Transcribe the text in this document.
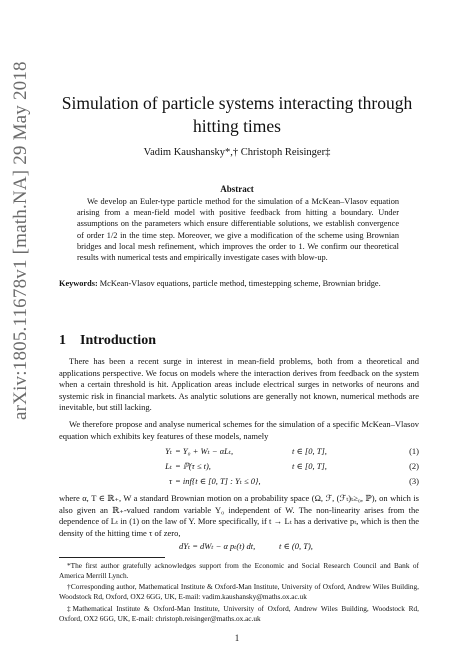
arXiv:1805.11678v1 [math.NA] 29 May 2018	Simulation of particle systems interacting through hitting times
Vadim Kaushansky*,† Christoph Reisinger‡
Abstract
We develop an Euler-type particle method for the simulation of a McKean–Vlasov equation arising from a mean-field model with positive feedback from hitting a boundary. Under assumptions on the parameters which ensure differentiable solutions, we establish convergence of order 1/2 in the time step. Moreover, we give a modification of the scheme using Brownian bridges and local mesh refinement, which improves the order to 1. We confirm our theoretical results with numerical tests and empirically investigate cases with blow-up.
Keywords: McKean-Vlasov equations, particle method, timestepping scheme, Brownian bridge.
1 Introduction
There has been a recent surge in interest in mean-field problems, both from a theoretical and applications perspective. We focus on models where the interaction derives from feedback on the system when a certain threshold is hit. Application areas include electrical surges in networks of neurons and systemic risk in financial markets. As analytic solutions are generally not known, numerical methods are inevitable, but still lacking.
We therefore propose and analyse numerical schemes for the simulation of a specific McKean–Vlasov equation which exhibits key features of these models, namely
Yₜ = Y₀ + Wₜ − αLₜ,	t ∈ [0, T],	(1)
Lₜ = ℙ(τ ≤ t),	t ∈ [0, T],	(2)
τ = inf{t ∈ [0, T] : Yₜ ≤ 0},	(3)
where α, T ∈ ℝ₊, W a standard Brownian motion on a probability space (Ω, ℱ, (ℱₜ)ₜ≥₀, ℙ), on which is also given an ℝ₊-valued random variable Y₀ independent of W. The non-linearity arises from the dependence of Lₜ in (1) on the law of Y. More specifically, if t → Lₜ has a derivative pₜ, which is then the density of the hitting time τ of zero,
dYₜ = dWₜ − α pₜ(t) dt,	t ∈ (0, T),
*The first author gratefully acknowledges support from the Economic and Social Research Council and Bank of America Merrill Lynch.
†Corresponding author, Mathematical Institute & Oxford-Man Institute, University of Oxford, Andrew Wiles Building, Woodstock Rd, Oxford, OX2 6GG, UK, E-mail: vadim.kaushansky@maths.ox.ac.uk
‡Mathematical Institute & Oxford-Man Institute, University of Oxford, Andrew Wiles Building, Woodstock Rd, Oxford, OX2 6GG, UK, E-mail: christoph.reisinger@maths.ox.ac.uk
1
